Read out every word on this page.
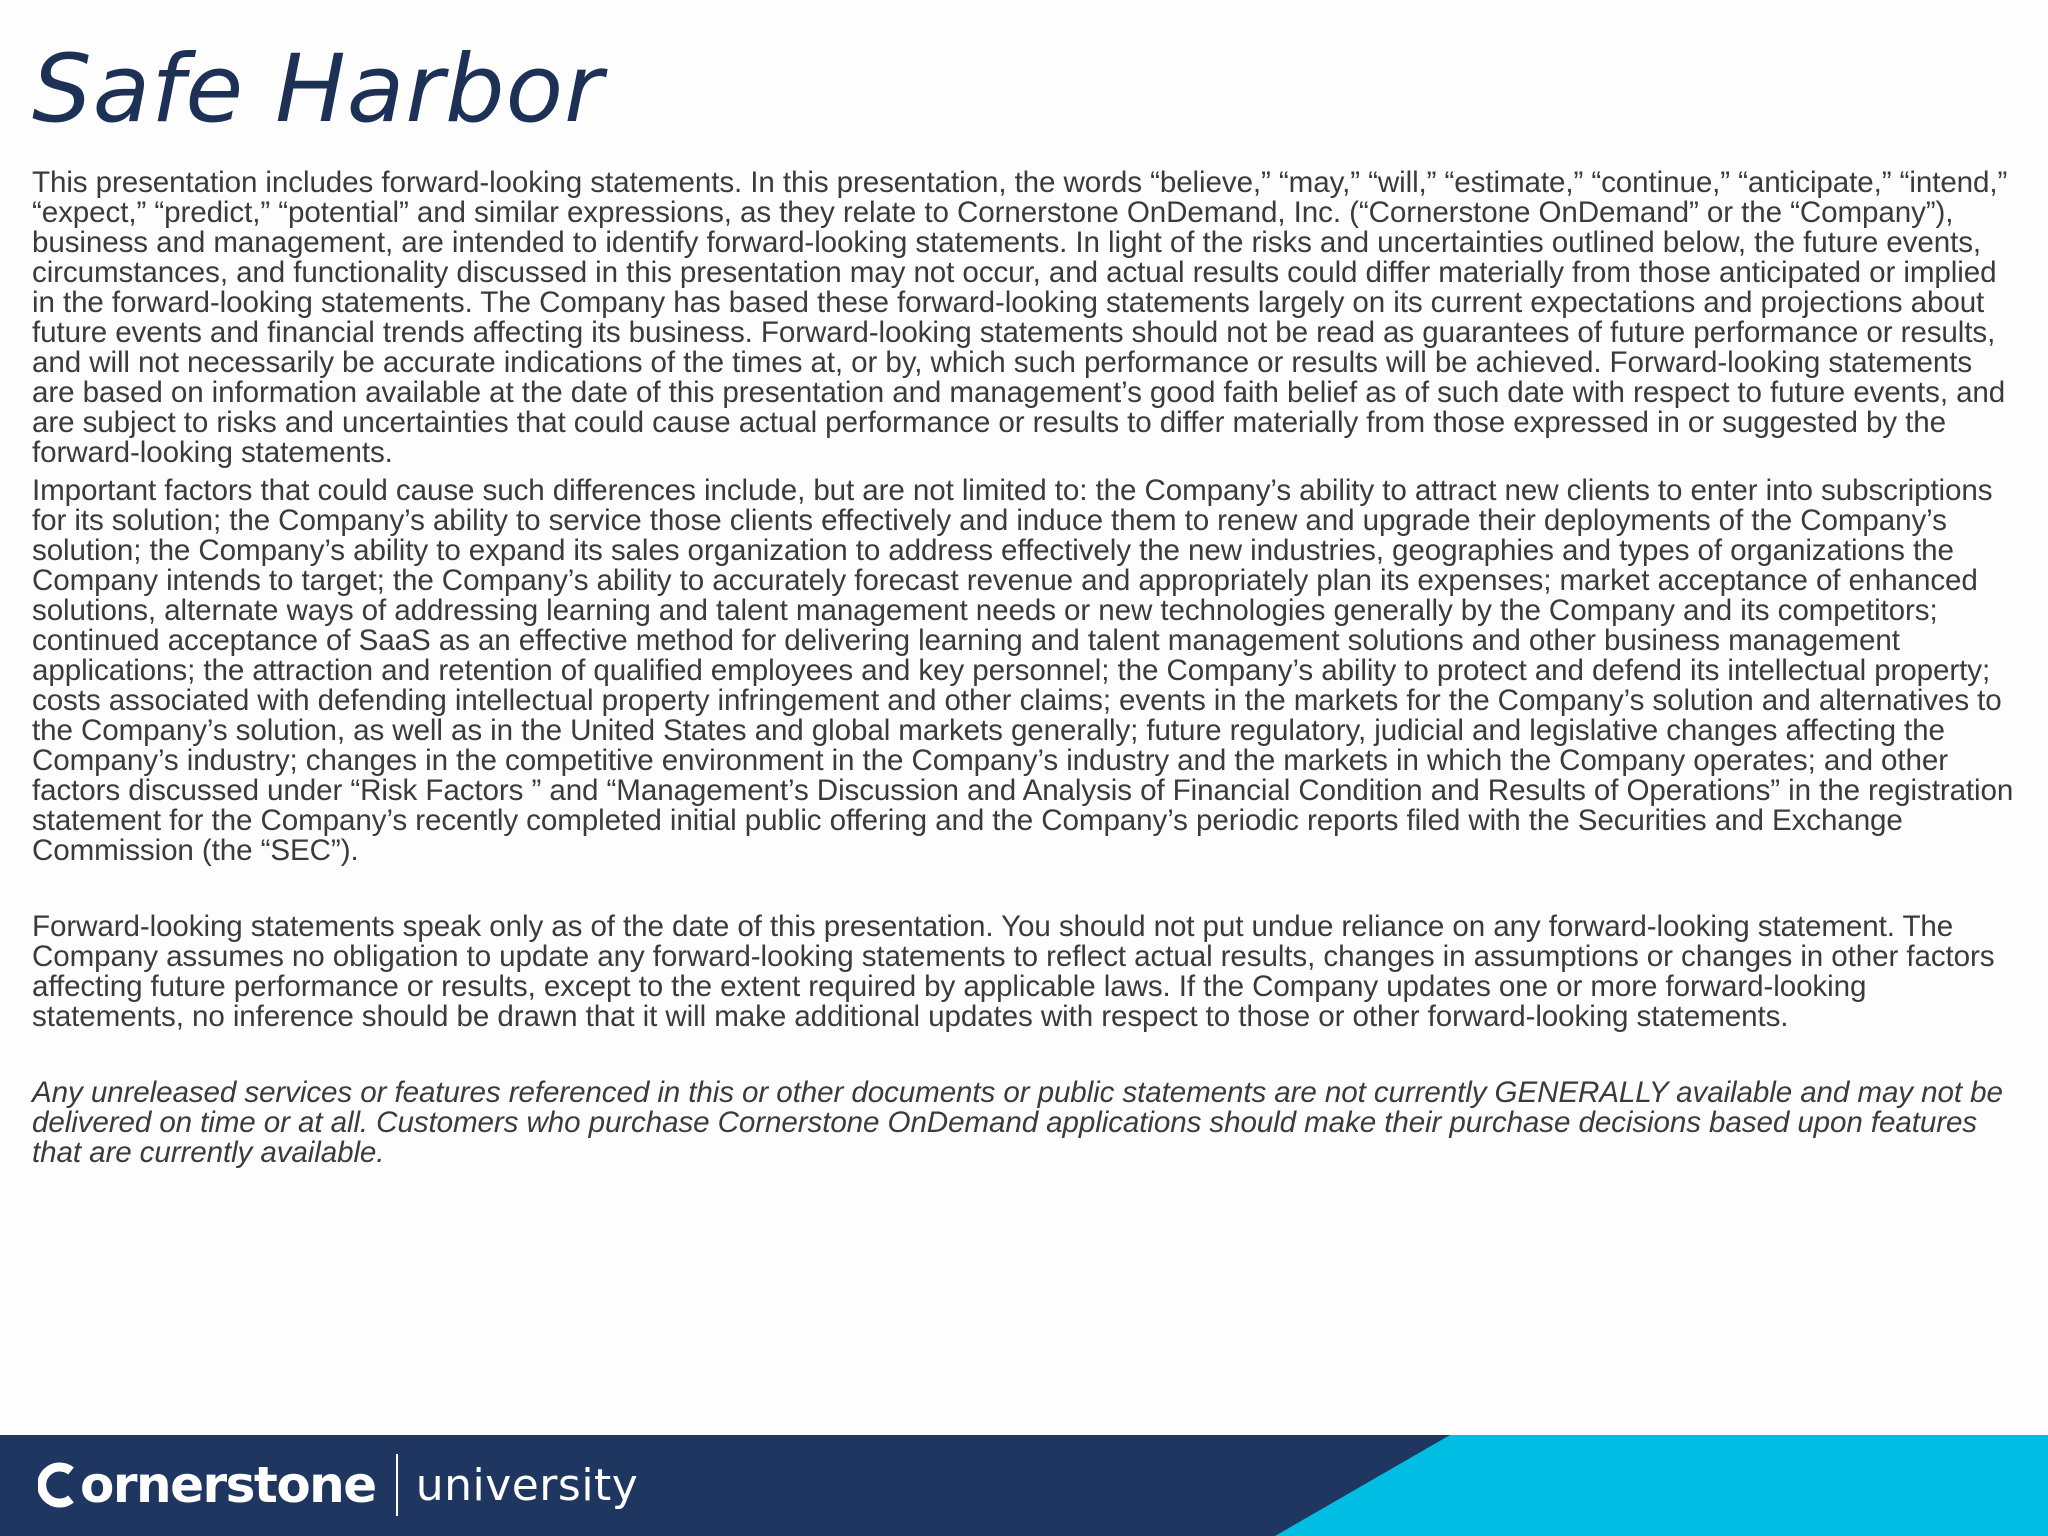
Safe Harbor

This presentation includes forward-looking statements. In this presentation, the words “believe,” “may,” “will,” “estimate,” “continue,” “anticipate,” “intend,” “expect,” “predict,” “potential” and similar expressions, as they relate to Cornerstone OnDemand, Inc. (“Cornerstone OnDemand” or the “Company”), business and management, are intended to identify forward-looking statements. In light of the risks and uncertainties outlined below, the future events, circumstances, and functionality discussed in this presentation may not occur, and actual results could differ materially from those anticipated or implied in the forward-looking statements. The Company has based these forward-looking statements largely on its current expectations and projections about future events and financial trends affecting its business. Forward-looking statements should not be read as guarantees of future performance or results, and will not necessarily be accurate indications of the times at, or by, which such performance or results will be achieved. Forward-looking statements are based on information available at the date of this presentation and management’s good faith belief as of such date with respect to future events, and are subject to risks and uncertainties that could cause actual performance or results to differ materially from those expressed in or suggested by the forward-looking statements.

Important factors that could cause such differences include, but are not limited to: the Company’s ability to attract new clients to enter into subscriptions for its solution; the Company’s ability to service those clients effectively and induce them to renew and upgrade their deployments of the Company’s solution; the Company’s ability to expand its sales organization to address effectively the new industries, geographies and types of organizations the Company intends to target; the Company’s ability to accurately forecast revenue and appropriately plan its expenses; market acceptance of enhanced solutions, alternate ways of addressing learning and talent management needs or new technologies generally by the Company and its competitors; continued acceptance of SaaS as an effective method for delivering learning and talent management solutions and other business management applications; the attraction and retention of qualified employees and key personnel; the Company’s ability to protect and defend its intellectual property; costs associated with defending intellectual property infringement and other claims; events in the markets for the Company’s solution and alternatives to the Company’s solution, as well as in the United States and global markets generally; future regulatory, judicial and legislative changes affecting the Company’s industry; changes in the competitive environment in the Company’s industry and the markets in which the Company operates; and other factors discussed under “Risk Factors ” and “Management’s Discussion and Analysis of Financial Condition and Results of Operations” in the registration statement for the Company’s recently completed initial public offering and the Company’s periodic reports filed with the Securities and Exchange Commission (the “SEC”).

Forward-looking statements speak only as of the date of this presentation. You should not put undue reliance on any forward-looking statement. The Company assumes no obligation to update any forward-looking statements to reflect actual results, changes in assumptions or changes in other factors affecting future performance or results, except to the extent required by applicable laws. If the Company updates one or more forward-looking statements, no inference should be drawn that it will make additional updates with respect to those or other forward-looking statements.

Any unreleased services or features referenced in this or other documents or public statements are not currently GENERALLY available and may not be delivered on time or at all. Customers who purchase Cornerstone OnDemand applications should make their purchase decisions based upon features that are currently available.

ornerstone university
